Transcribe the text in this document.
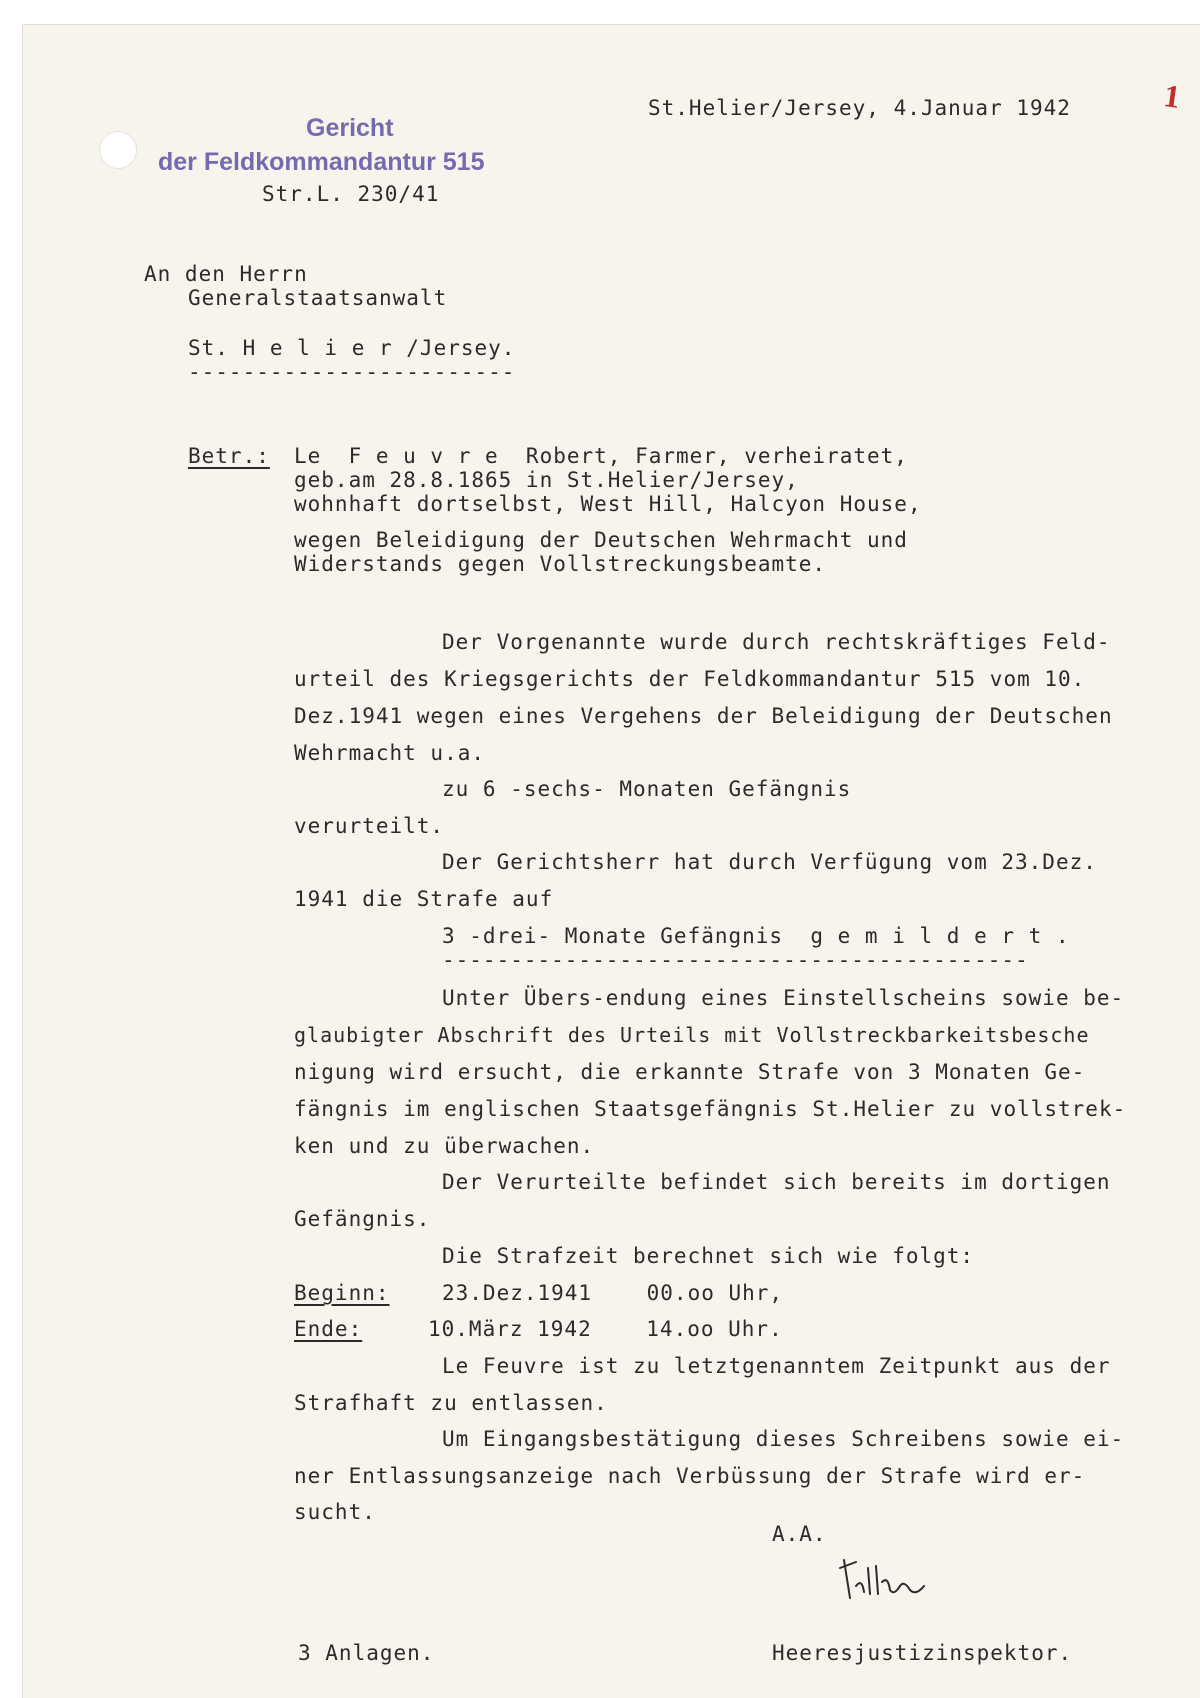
St.Helier/Jersey, 4.Januar 1942	1
Gericht
der Feldkommandantur 515
Str.L. 230/41
An den Herrn
Generalstaatsanwalt
St. H e l i e r /Jersey.
------------------------
Betr.: Le  F e u v r e  Robert, Farmer, verheiratet,
geb.am 28.8.1865 in St.Helier/Jersey,
wohnhaft dortselbst, West Hill, Halcyon House,
wegen Beleidigung der Deutschen Wehrmacht und
Widerstands gegen Vollstreckungsbeamte.
Der Vorgenannte wurde durch rechtskräftiges Feld-
urteil des Kriegsgerichts der Feldkommandantur 515 vom 10.
Dez.1941 wegen eines Vergehens der Beleidigung der Deutschen
Wehrmacht u.a.
zu 6 -sechs- Monaten Gefängnis
verurteilt.
Der Gerichtsherr hat durch Verfügung vom 23.Dez.
1941 die Strafe auf
3 -drei- Monate Gefängnis  g e m i l d e r t .
-------------------------------------------
Unter Übers-endung eines Einstellscheins sowie be-
glaubigter Abschrift des Urteils mit Vollstreckbarkeitsbesche
nigung wird ersucht, die erkannte Strafe von 3 Monaten Ge-
fängnis im englischen Staatsgefängnis St.Helier zu vollstrek-
ken und zu überwachen.
Der Verurteilte befindet sich bereits im dortigen
Gefängnis.
Die Strafzeit berechnet sich wie folgt:
Beginn: 23.Dez.1941    00.oo Uhr,
Ende:	10.März 1942    14.oo Uhr.
Le Feuvre ist zu letztgenanntem Zeitpunkt aus der
Strafhaft zu entlassen.
Um Eingangsbestätigung dieses Schreibens sowie ei-
ner Entlassungsanzeige nach Verbüssung der Strafe wird er-
sucht.
A.A.
3 Anlagen.	Heeresjustizinspektor.
